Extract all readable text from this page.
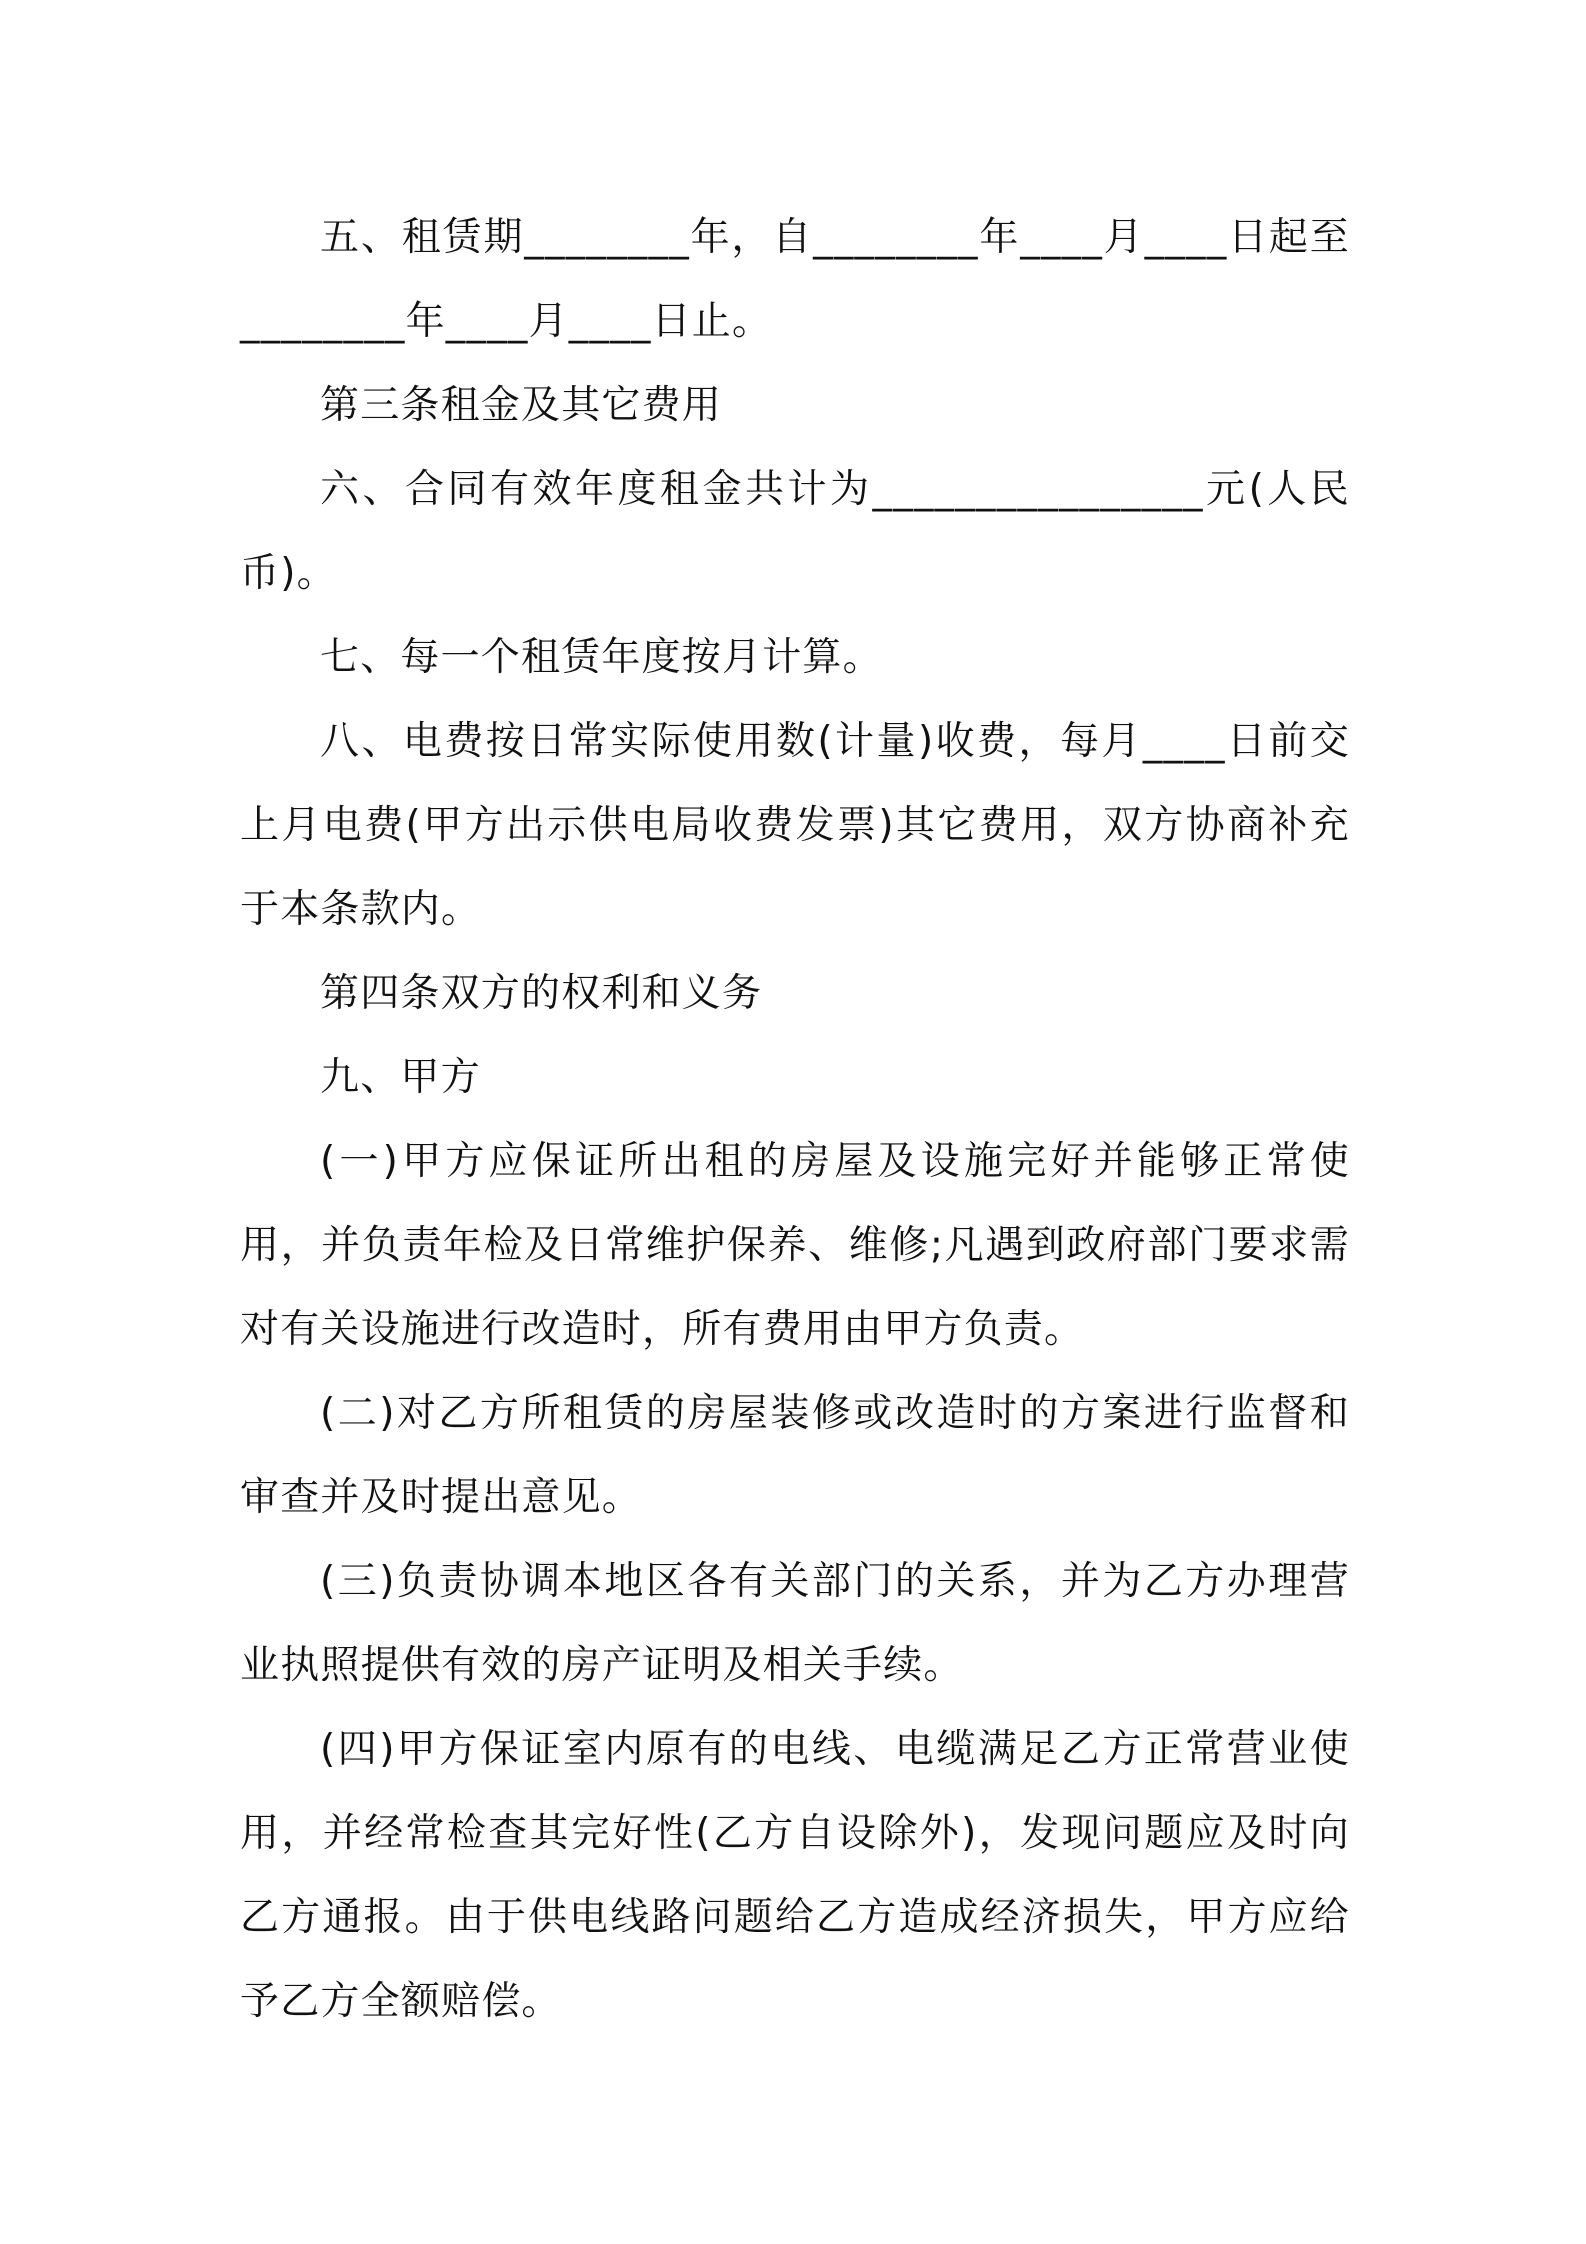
五、租赁期________年，自________年____月____日起至________年____月____日止。

第三条租金及其它费用

六、合同有效年度租金共计为________________元(人民币)。

七、每一个租赁年度按月计算。

八、电费按日常实际使用数(计量)收费，每月____日前交上月电费(甲方出示供电局收费发票)其它费用，双方协商补充于本条款内。

第四条双方的权利和义务

九、甲方

(一)甲方应保证所出租的房屋及设施完好并能够正常使用，并负责年检及日常维护保养、维修;凡遇到政府部门要求需对有关设施进行改造时，所有费用由甲方负责。

(二)对乙方所租赁的房屋装修或改造时的方案进行监督和审查并及时提出意见。

(三)负责协调本地区各有关部门的关系，并为乙方办理营业执照提供有效的房产证明及相关手续。

(四)甲方保证室内原有的电线、电缆满足乙方正常营业使用，并经常检查其完好性(乙方自设除外)，发现问题应及时向乙方通报。由于供电线路问题给乙方造成经济损失，甲方应给予乙方全额赔偿。
